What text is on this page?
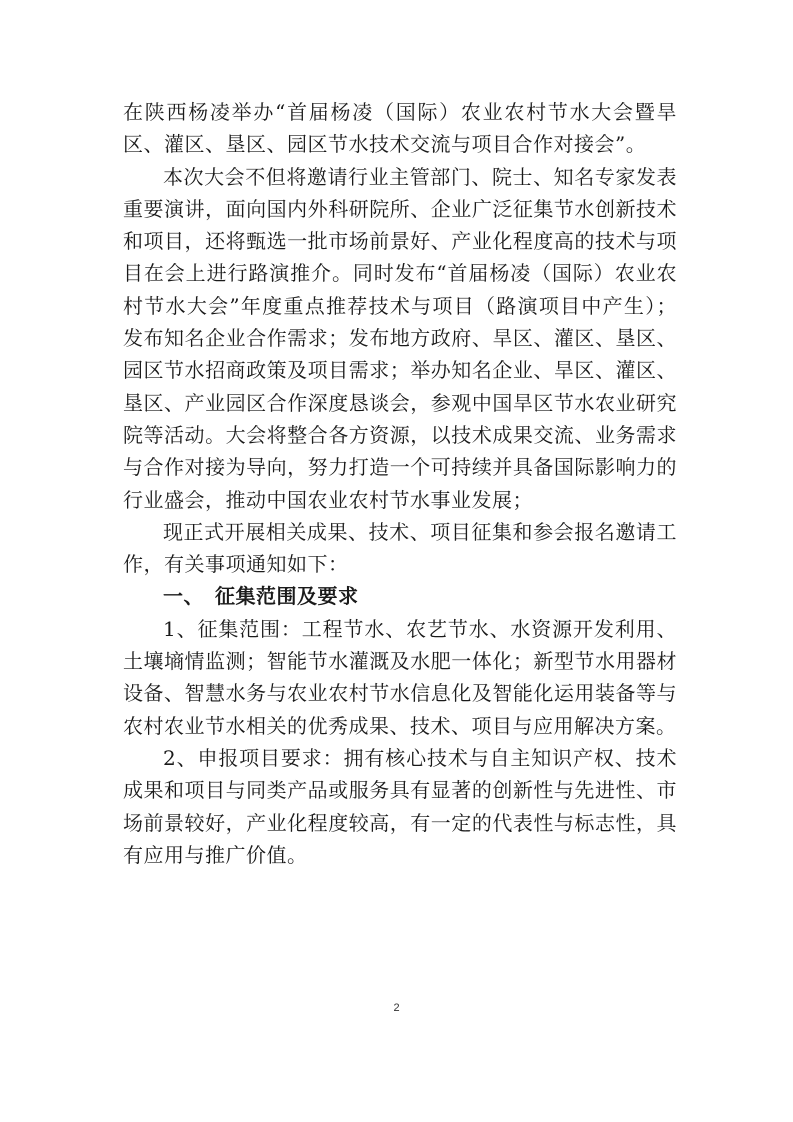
在陕西杨凌举办“首届杨凌（国际）农业农村节水大会暨旱区、灌区、垦区、园区节水技术交流与项目合作对接会”。

本次大会不但将邀请行业主管部门、院士、知名专家发表重要演讲，面向国内外科研院所、企业广泛征集节水创新技术和项目，还将甄选一批市场前景好、产业化程度高的技术与项目在会上进行路演推介。同时发布“首届杨凌（国际）农业农村节水大会”年度重点推荐技术与项目（路演项目中产生）；发布知名企业合作需求；发布地方政府、旱区、灌区、垦区、园区节水招商政策及项目需求；举办知名企业、旱区、灌区、垦区、产业园区合作深度恳谈会，参观中国旱区节水农业研究院等活动。大会将整合各方资源，以技术成果交流、业务需求与合作对接为导向，努力打造一个可持续并具备国际影响力的行业盛会，推动中国农业农村节水事业发展；

现正式开展相关成果、技术、项目征集和参会报名邀请工作，有关事项通知如下：

一、 征集范围及要求

1、征集范围：工程节水、农艺节水、水资源开发利用、土壤墒情监测；智能节水灌溉及水肥一体化；新型节水用器材设备、智慧水务与农业农村节水信息化及智能化运用装备等与农村农业节水相关的优秀成果、技术、项目与应用解决方案。

2、申报项目要求：拥有核心技术与自主知识产权、技术成果和项目与同类产品或服务具有显著的创新性与先进性、市场前景较好，产业化程度较高，有一定的代表性与标志性，具有应用与推广价值。

2
